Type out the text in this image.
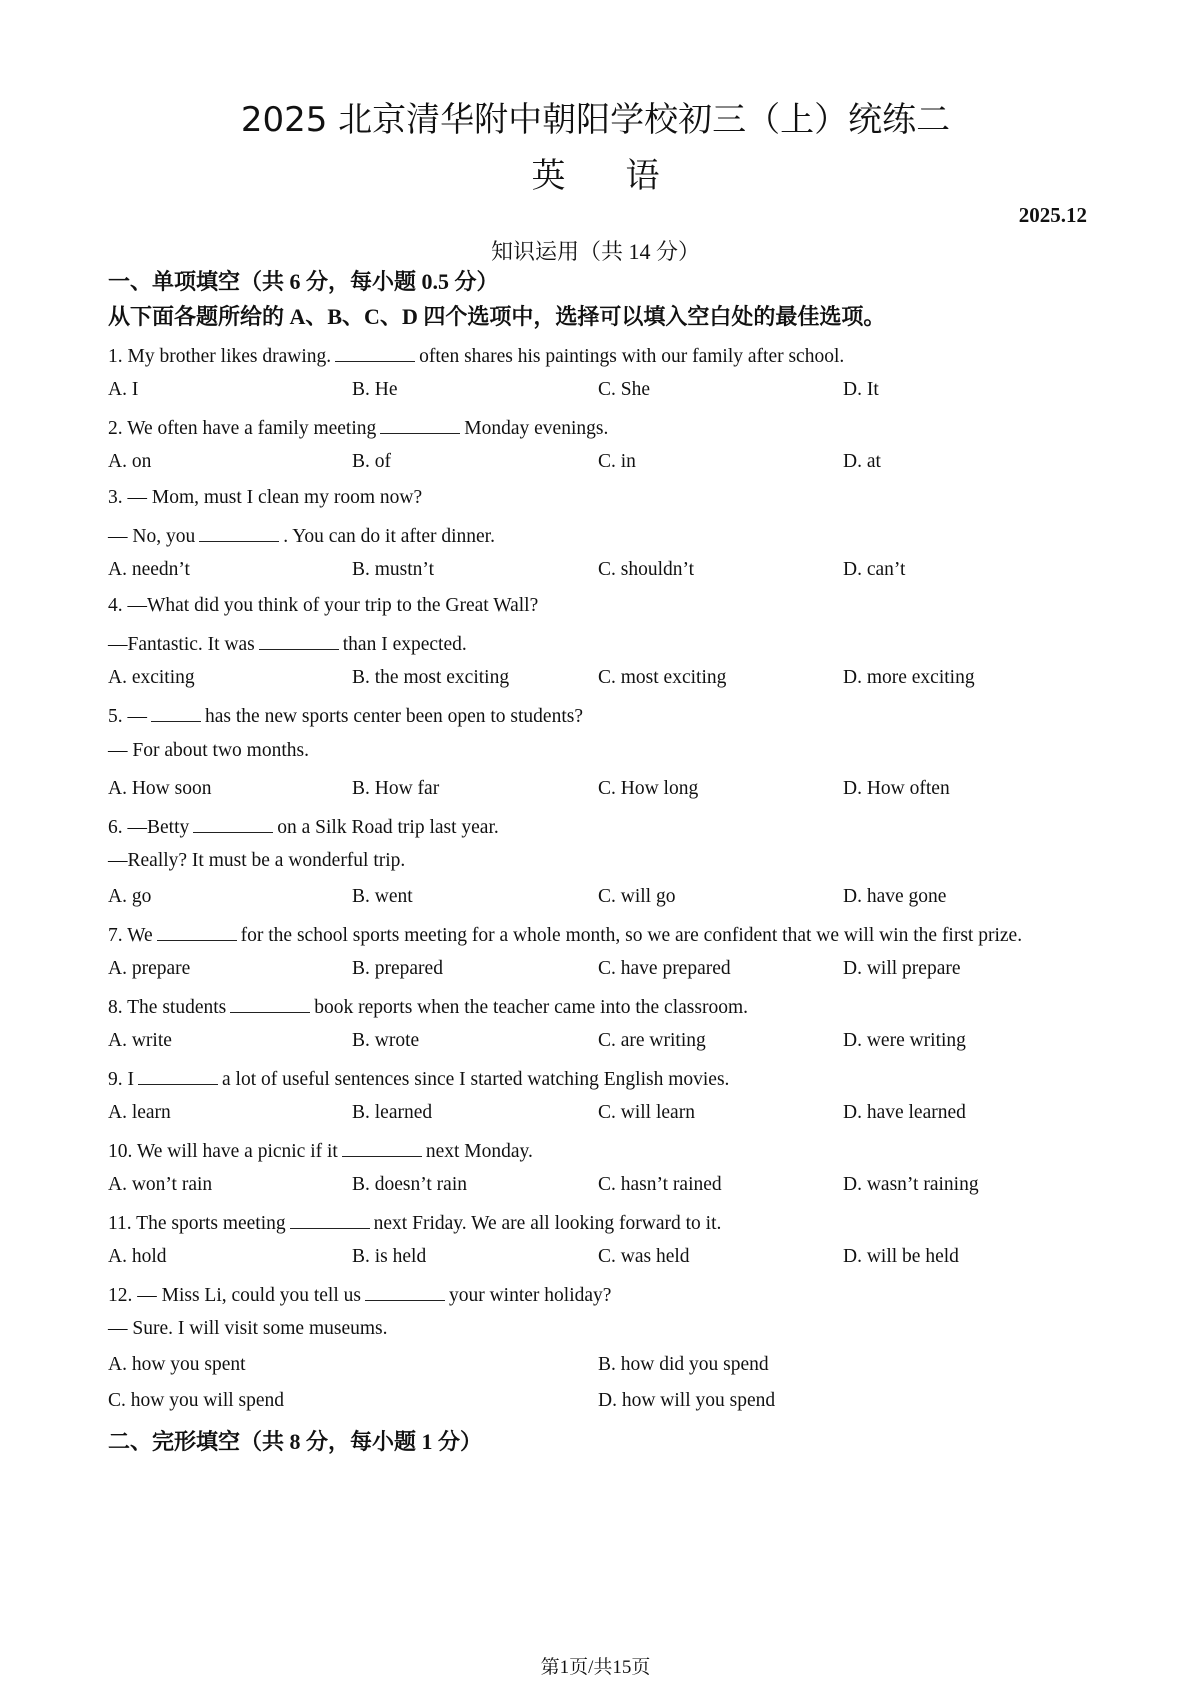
2025 北京清华附中朝阳学校初三（上）统练二
英 语
2025.12
知识运用（共 14 分）
一、单项填空（共 6 分，每小题 0.5 分）
从下面各题所给的 A、B、C、D 四个选项中，选择可以填入空白处的最佳选项。
1. My brother likes drawing.	often shares his paintings with our family after school.
A. I	B. He	C. She	D. It
2. We often have a family meeting	Monday evenings.
A. on	B. of	C. in	D. at
3. — Mom, must I clean my room now?
— No, you	. You can do it after dinner.
A. needn’t	B. mustn’t	C. shouldn’t	D. can’t
4. —What did you think of your trip to the Great Wall?
—Fantastic. It was	than I expected.
A. exciting	B. the most exciting	C. most exciting	D. more exciting
5. —	has the new sports center been open to students?
— For about two months.
A. How soon	B. How far	C. How long	D. How often
6. —Betty	on a Silk Road trip last year.
—Really? It must be a wonderful trip.
A. go	B. went	C. will go	D. have gone
7. We	for the school sports meeting for a whole month, so we are confident that we will win the first prize.
A. prepare	B. prepared	C. have prepared	D. will prepare
8. The students	book reports when the teacher came into the classroom.
A. write	B. wrote	C. are writing	D. were writing
9. I	a lot of useful sentences since I started watching English movies.
A. learn	B. learned	C. will learn	D. have learned
10. We will have a picnic if it	next Monday.
A. won’t rain	B. doesn’t rain	C. hasn’t rained	D. wasn’t raining
11. The sports meeting	next Friday. We are all looking forward to it.
A. hold	B. is held	C. was held	D. will be held
12. — Miss Li, could you tell us	your winter holiday?
— Sure. I will visit some museums.
A. how you spent	B. how did you spend
C. how you will spend	D. how will you spend
二、完形填空（共 8 分，每小题 1 分）
第1页/共15页
